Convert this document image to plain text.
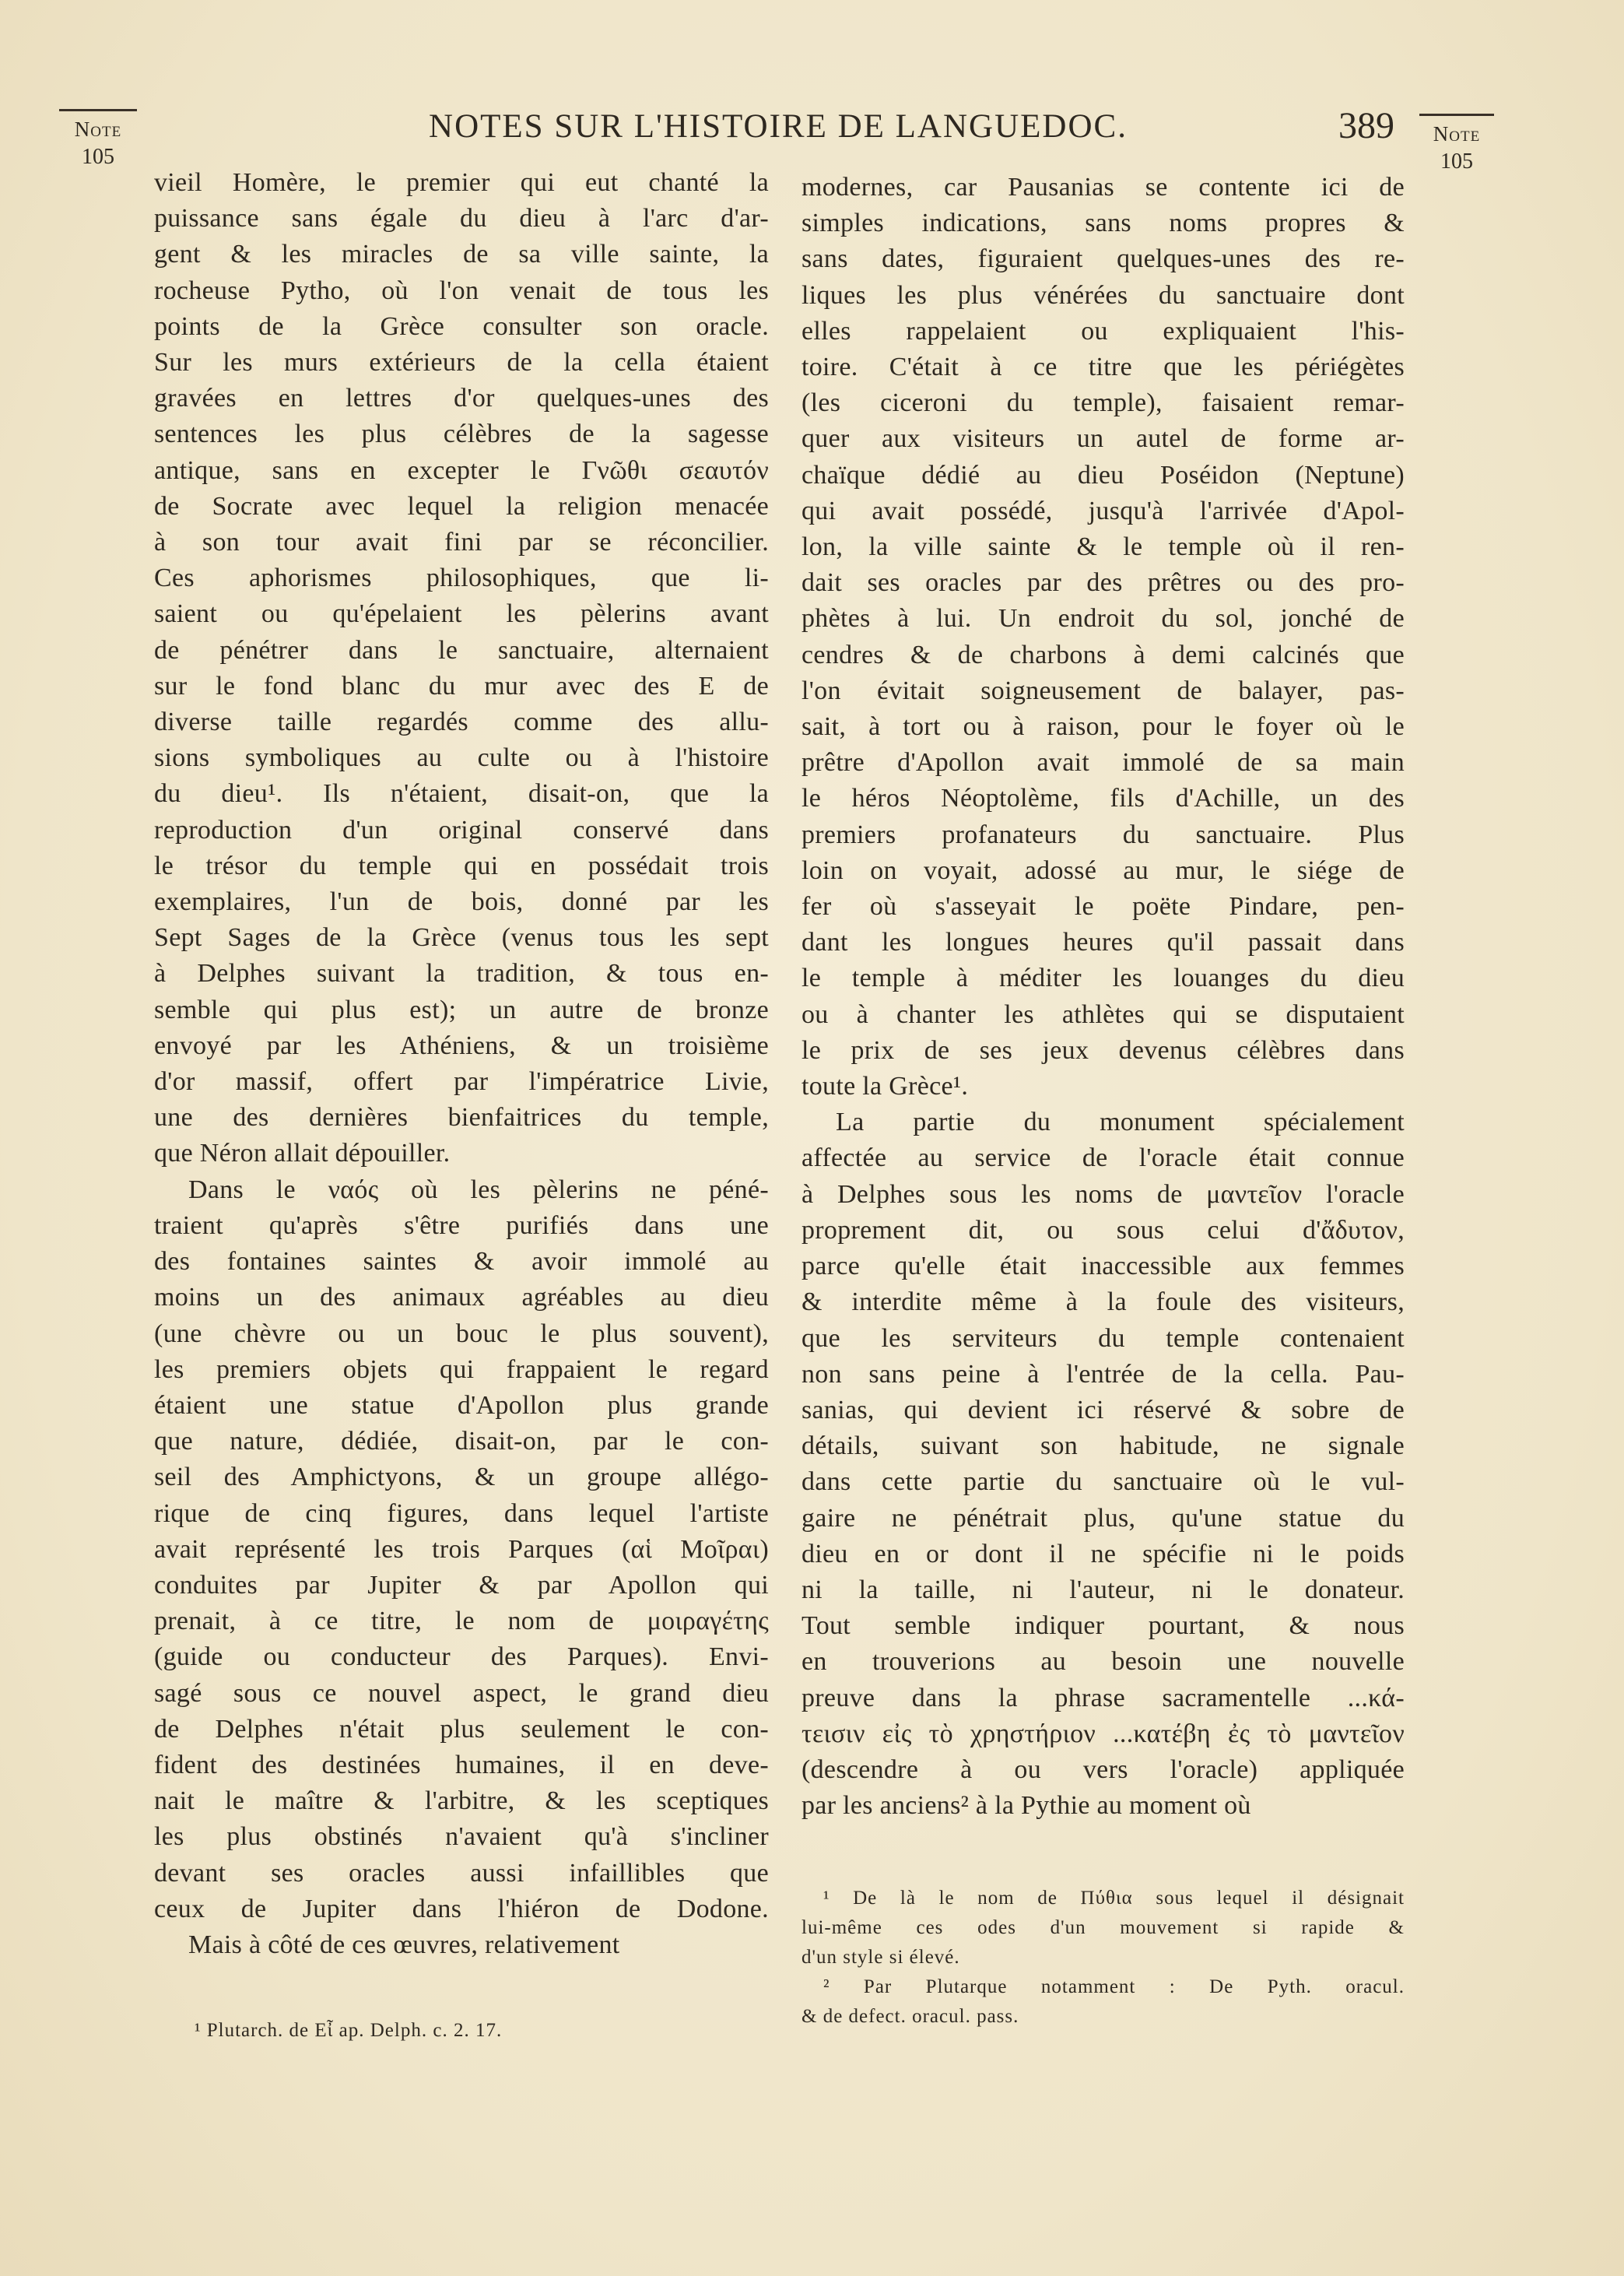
Note
105
NOTES SUR L'HISTOIRE DE LANGUEDOC.	389	Note
105
vieil Homère, le premier qui eut chanté la
puissance sans égale du dieu à l'arc d'ar-
gent & les miracles de sa ville sainte, la
rocheuse Pytho, où l'on venait de tous les
points de la Grèce consulter son oracle.
Sur les murs extérieurs de la cella étaient
gravées en lettres d'or quelques-unes des
sentences les plus célèbres de la sagesse
antique, sans en excepter le Γνῶθι σεαυτόν
de Socrate avec lequel la religion menacée
à son tour avait fini par se réconcilier.
Ces aphorismes philosophiques, que li-
saient ou qu'épelaient les pèlerins avant
de pénétrer dans le sanctuaire, alternaient
sur le fond blanc du mur avec des E de
diverse taille regardés comme des allu-
sions symboliques au culte ou à l'histoire
du dieu¹. Ils n'étaient, disait-on, que la
reproduction d'un original conservé dans
le trésor du temple qui en possédait trois
exemplaires, l'un de bois, donné par les
Sept Sages de la Grèce (venus tous les sept
à Delphes suivant la tradition, & tous en-
semble qui plus est); un autre de bronze
envoyé par les Athéniens, & un troisième
d'or massif, offert par l'impératrice Livie,
une des dernières bienfaitrices du temple,
que Néron allait dépouiller.
Dans le ναός où les pèlerins ne péné-
traient qu'après s'être purifiés dans une
des fontaines saintes & avoir immolé au
moins un des animaux agréables au dieu
(une chèvre ou un bouc le plus souvent),
les premiers objets qui frappaient le regard
étaient une statue d'Apollon plus grande
que nature, dédiée, disait-on, par le con-
seil des Amphictyons, & un groupe allégo-
rique de cinq figures, dans lequel l'artiste
avait représenté les trois Parques (αἱ Μοῖραι)
conduites par Jupiter & par Apollon qui
prenait, à ce titre, le nom de μοιραγέτης
(guide ou conducteur des Parques). Envi-
sagé sous ce nouvel aspect, le grand dieu
de Delphes n'était plus seulement le con-
fident des destinées humaines, il en deve-
nait le maître & l'arbitre, & les sceptiques
les plus obstinés n'avaient qu'à s'incliner
devant ses oracles aussi infaillibles que
ceux de Jupiter dans l'hiéron de Dodone.
Mais à côté de ces œuvres, relativement
modernes, car Pausanias se contente ici de
simples indications, sans noms propres &
sans dates, figuraient quelques-unes des re-
liques les plus vénérées du sanctuaire dont
elles rappelaient ou expliquaient l'his-
toire. C'était à ce titre que les périégètes
(les ciceroni du temple), faisaient remar-
quer aux visiteurs un autel de forme ar-
chaïque dédié au dieu Poséidon (Neptune)
qui avait possédé, jusqu'à l'arrivée d'Apol-
lon, la ville sainte & le temple où il ren-
dait ses oracles par des prêtres ou des pro-
phètes à lui. Un endroit du sol, jonché de
cendres & de charbons à demi calcinés que
l'on évitait soigneusement de balayer, pas-
sait, à tort ou à raison, pour le foyer où le
prêtre d'Apollon avait immolé de sa main
le héros Néoptolème, fils d'Achille, un des
premiers profanateurs du sanctuaire. Plus
loin on voyait, adossé au mur, le siége de
fer où s'asseyait le poëte Pindare, pen-
dant les longues heures qu'il passait dans
le temple à méditer les louanges du dieu
ou à chanter les athlètes qui se disputaient
le prix de ses jeux devenus célèbres dans
toute la Grèce¹.
La partie du monument spécialement
affectée au service de l'oracle était connue
à Delphes sous les noms de μαντεῖον l'oracle
proprement dit, ou sous celui d'ἄδυτον,
parce qu'elle était inaccessible aux femmes
& interdite même à la foule des visiteurs,
que les serviteurs du temple contenaient
non sans peine à l'entrée de la cella. Pau-
sanias, qui devient ici réservé & sobre de
détails, suivant son habitude, ne signale
dans cette partie du sanctuaire où le vul-
gaire ne pénétrait plus, qu'une statue du
dieu en or dont il ne spécifie ni le poids
ni la taille, ni l'auteur, ni le donateur.
Tout semble indiquer pourtant, & nous
en trouverions au besoin une nouvelle
preuve dans la phrase sacramentelle ...κά-
τεισιν εἰς τὸ χρηστήριον ...κατέβη ἐς τὸ μαντεῖον
(descendre à ou vers l'oracle) appliquée
par les anciens² à la Pythie au moment où
¹ Plutarch. de Εἶ ap. Delph. c. 2. 17.
¹ De là le nom de Πύθια sous lequel il désignait
lui-même ces odes d'un mouvement si rapide &
d'un style si élevé.
² Par Plutarque notamment : De Pyth. oracul.
& de defect. oracul. pass.
